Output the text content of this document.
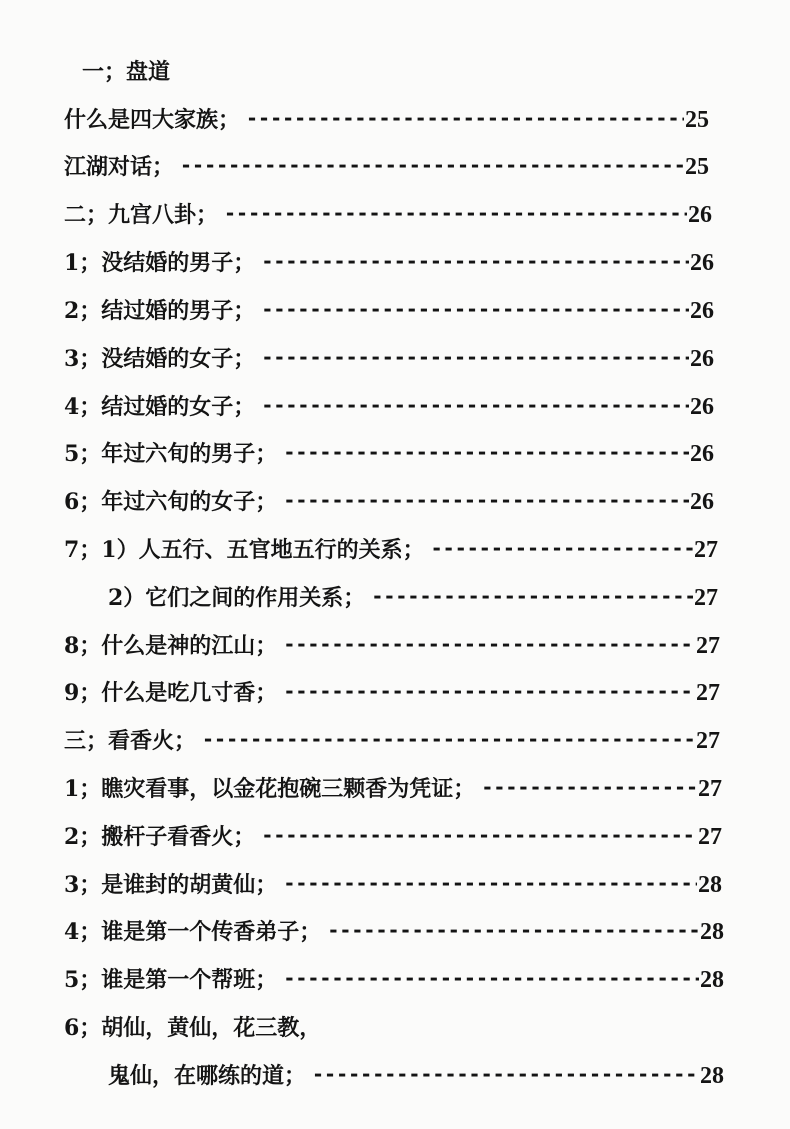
一；盘道
什么是四大家族； -----	25
江湖对话； -----	25
二；九宫八卦； -----	26
1；没结婚的男子； -----	26
2；结过婚的男子； -----	26
3；没结婚的女子； -----	26
4；结过婚的女子； -----	26
5；年过六旬的男子； -----	26
6；年过六旬的女子； -----	26
7；1）人五行、五官地五行的关系； -----	27
2）它们之间的作用关系； -----	27
8；什么是神的江山； -----	27
9；什么是吃几寸香； -----	27
三；看香火； -----	27
1；瞧灾看事，以金花抱碗三颗香为凭证； -----	27
2；搬杆子看香火； -----	27
3；是谁封的胡黄仙； -----	28
4；谁是第一个传香弟子； -----	28
5；谁是第一个帮班； -----	28
6；胡仙，黄仙，花三教，
鬼仙，在哪练的道； -----	28
